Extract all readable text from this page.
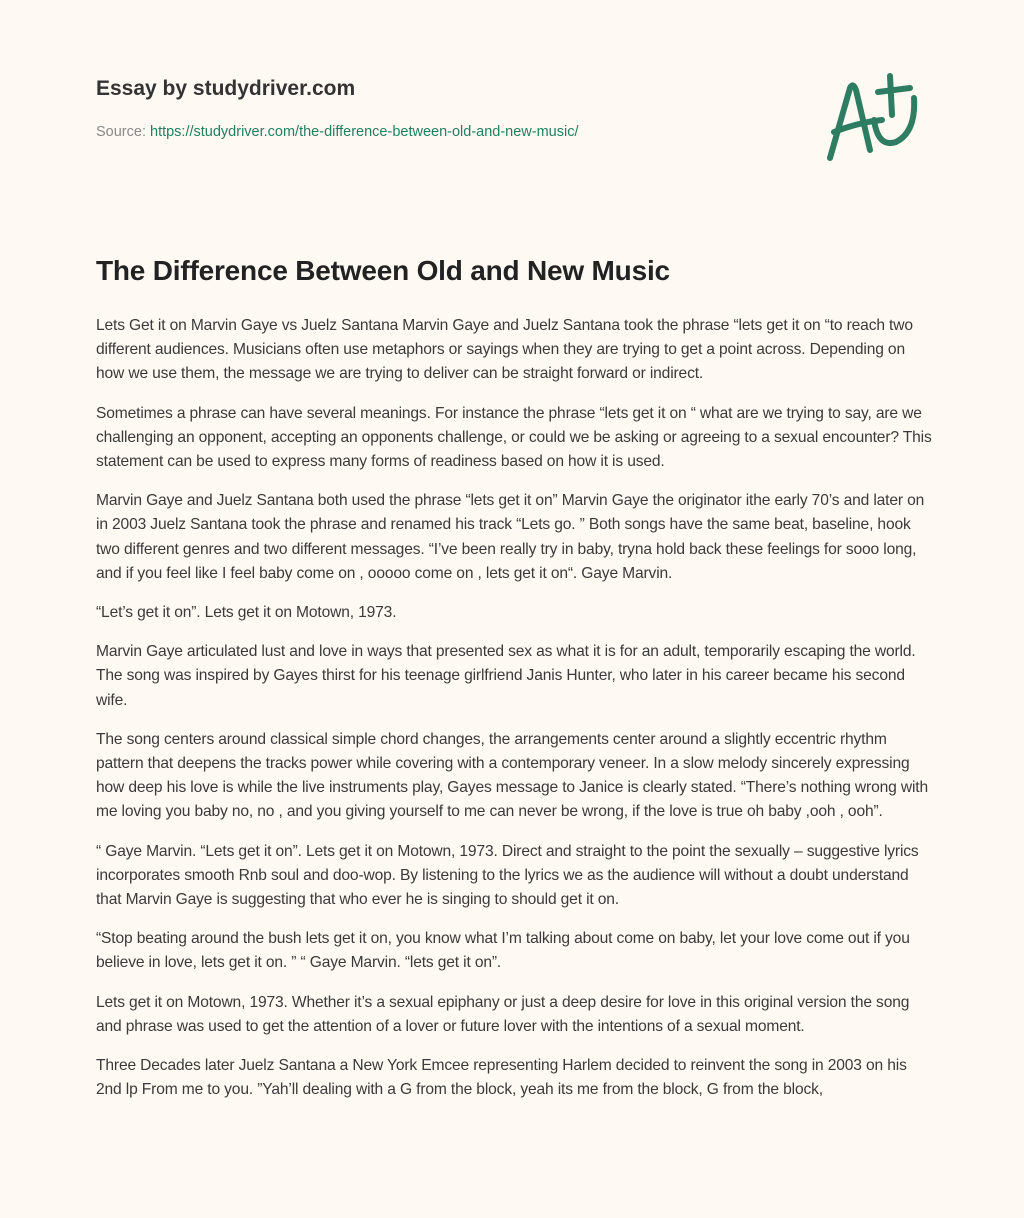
Essay by studydriver.com
Source: https://studydriver.com/the-difference-between-old-and-new-music/
The Difference Between Old and New Music

Lets Get it on Marvin Gaye vs Juelz Santana Marvin Gaye and Juelz Santana took the phrase “lets get it on “to reach two different audiences. Musicians often use metaphors or sayings when they are trying to get a point across. Depending on how we use them, the message we are trying to deliver can be straight forward or indirect.

Sometimes a phrase can have several meanings. For instance the phrase “lets get it on “ what are we trying to say, are we challenging an opponent, accepting an opponents challenge, or could we be asking or agreeing to a sexual encounter? This statement can be used to express many forms of readiness based on how it is used.

Marvin Gaye and Juelz Santana both used the phrase “lets get it on” Marvin Gaye the originator ithe early 70’s and later on in 2003 Juelz Santana took the phrase and renamed his track “Lets go. ” Both songs have the same beat, baseline, hook two different genres and two different messages. “I’ve been really try in baby, tryna hold back these feelings for sooo long, and if you feel like I feel baby come on , ooooo come on , lets get it on“. Gaye Marvin.

“Let’s get it on”. Lets get it on Motown, 1973.

Marvin Gaye articulated lust and love in ways that presented sex as what it is for an adult, temporarily escaping the world. The song was inspired by Gayes thirst for his teenage girlfriend Janis Hunter, who later in his career became his second wife.

The song centers around classical simple chord changes, the arrangements center around a slightly eccentric rhythm pattern that deepens the tracks power while covering with a contemporary veneer. In a slow melody sincerely expressing how deep his love is while the live instruments play, Gayes message to Janice is clearly stated. “There’s nothing wrong with me loving you baby no, no , and you giving yourself to me can never be wrong, if the love is true oh baby ,ooh , ooh”.

“ Gaye Marvin. “Lets get it on”. Lets get it on Motown, 1973. Direct and straight to the point the sexually – suggestive lyrics incorporates smooth Rnb soul and doo-wop. By listening to the lyrics we as the audience will without a doubt understand that Marvin Gaye is suggesting that who ever he is singing to should get it on.

“Stop beating around the bush lets get it on, you know what I’m talking about come on baby, let your love come out if you believe in love, lets get it on. ” “ Gaye Marvin. “lets get it on”.

Lets get it on Motown, 1973. Whether it’s a sexual epiphany or just a deep desire for love in this original version the song and phrase was used to get the attention of a lover or future lover with the intentions of a sexual moment.

Three Decades later Juelz Santana a New York Emcee representing Harlem decided to reinvent the song in 2003 on his 2nd lp From me to you. ”Yah’ll dealing with a G from the block, yeah its me from the block, G from the block,
